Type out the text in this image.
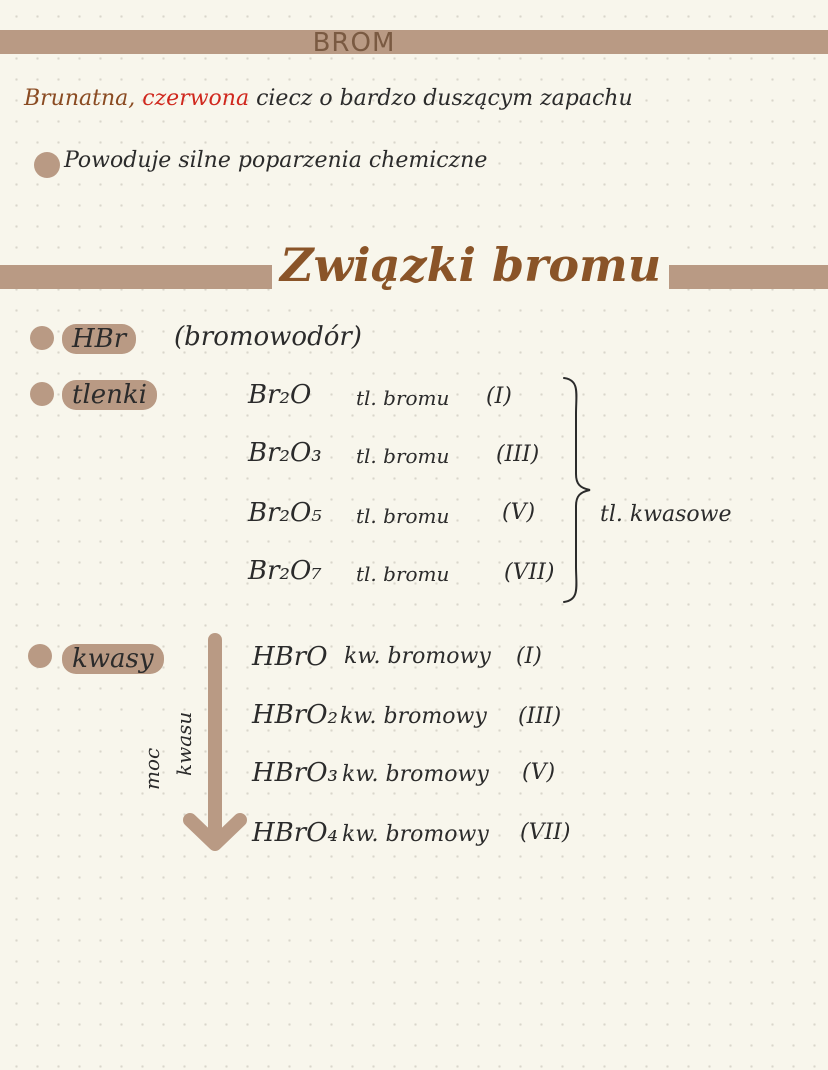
BROM
Brunatna, czerwona ciecz o bardzo duszącym zapachu
Powoduje silne poparzenia chemiczne
Związki bromu
HBr	(bromowodór)
tlenki	Br₂O tl. bromu (I)
Br₂O₃ tl. bromu (III)
Br₂O₅ tl. bromu (V)
Br₂O₇ tl. bromu (VII)
tl. kwasowe
kwasy
moc kwasu
HBrO kw. bromowy (I)
HBrO₂ kw. bromowy (III)
HBrO₃ kw. bromowy (V)
HBrO₄ kw. bromowy (VII)
